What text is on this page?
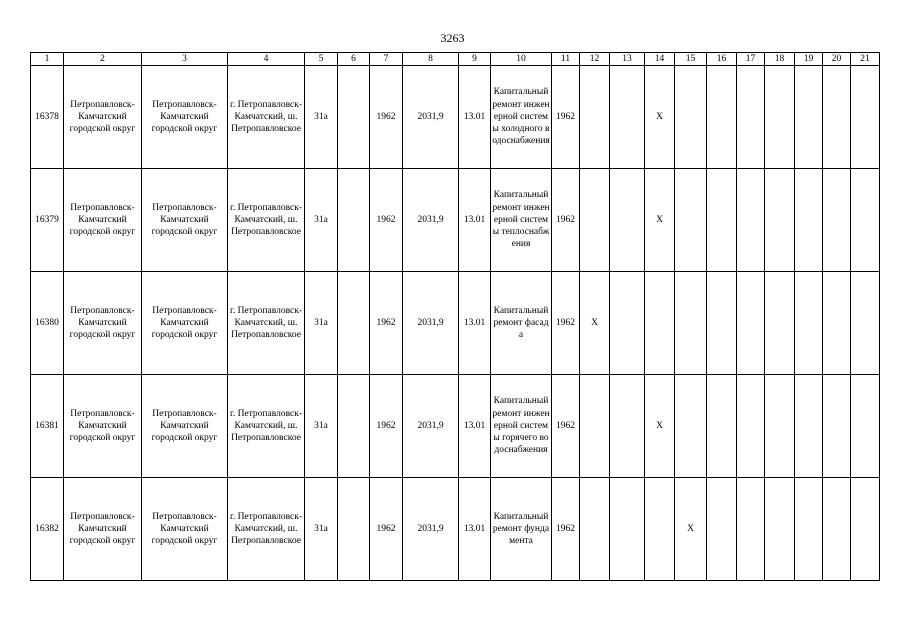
3263
1	2	3	4	5	6	7	8	9	10	11	12	13	14	15	16	17	18	19	20	21
16378	Петропавловск-Камчатский городской округ	Петропавловск-Камчатский городской округ	г. Петропавловск-Камчатский, ш. Петропавловское	31а		1962	2031,9	13.01	Капитальный ремонт инженерной системы холодного водоснабжения	1962			X							
16379	Петропавловск-Камчатский городской округ	Петропавловск-Камчатский городской округ	г. Петропавловск-Камчатский, ш. Петропавловское	31а		1962	2031,9	13.01	Капитальный ремонт инженерной системы теплоснабжения	1962			X							
16380	Петропавловск-Камчатский городской округ	Петропавловск-Камчатский городской округ	г. Петропавловск-Камчатский, ш. Петропавловское	31а		1962	2031,9	13.01	Капитальный ремонт фасада	1962	X									
16381	Петропавловск-Камчатский городской округ	Петропавловск-Камчатский городской округ	г. Петропавловск-Камчатский, ш. Петропавловское	31а		1962	2031,9	13.01	Капитальный ремонт инженерной системы горячего водоснабжения	1962			X							
16382	Петропавловск-Камчатский городской округ	Петропавловск-Камчатский городской округ	г. Петропавловск-Камчатский, ш. Петропавловское	31а		1962	2031,9	13.01	Капитальный ремонт фундамента	1962				X						
